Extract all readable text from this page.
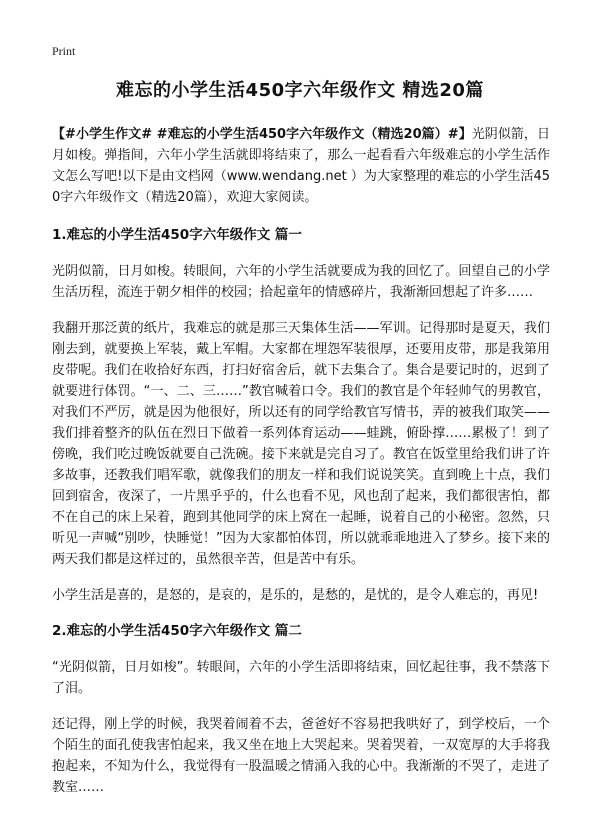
Print
难忘的小学生活450字六年级作文 精选20篇

【#小学生作文# #难忘的小学生活450字六年级作文（精选20篇）#】光阴似箭，日月如梭。弹指间，六年小学生活就即将结束了，那么一起看看六年级难忘的小学生活作文怎么写吧!以下是由文档网（www.wendang.net ）为大家整理的难忘的小学生活450字六年级作文（精选20篇），欢迎大家阅读。

1.难忘的小学生活450字六年级作文 篇一

光阴似箭，日月如梭。转眼间，六年的小学生活就要成为我的回忆了。回望自己的小学生活历程，流连于朝夕相伴的校园；拾起童年的情感碎片，我渐渐回想起了许多……

我翻开那泛黄的纸片，我难忘的就是那三天集体生活——军训。记得那时是夏天，我们刚去到，就要换上军装，戴上军帽。大家都在埋怨军装很厚，还要用皮带，那是我第用皮带呢。我们在收拾好东西，打扫好宿舍后，就下去集合了。集合是要记时的，迟到了就要进行体罚。“一、二、三……”教官喊着口令。我们的教官是个年轻帅气的男教官，对我们不严厉，就是因为他很好，所以还有的同学给教官写情书，弄的被我们取笑——我们排着整齐的队伍在烈日下做着一系列体育运动——蛙跳，俯卧撑……累极了！到了傍晚，我们吃过晚饭就要自己洗碗。接下来就是完自习了。教官在饭堂里给我们讲了许多故事，还教我们唱军歌，就像我们的朋友一样和我们说说笑笑。直到晚上十点，我们回到宿舍，夜深了，一片黑乎乎的，什么也看不见，风也刮了起来，我们都很害怕，都不在自己的床上呆着，跑到其他同学的床上窝在一起睡，说着自己的小秘密。忽然，只听见一声喊“别吵，快睡觉！”因为大家都怕体罚，所以就乖乖地进入了梦乡。接下来的两天我们都是这样过的，虽然很辛苦，但是苦中有乐。

小学生活是喜的，是怒的，是哀的，是乐的，是愁的，是忧的，是令人难忘的，再见!

2.难忘的小学生活450字六年级作文 篇二

“光阴似箭，日月如梭”。转眼间，六年的小学生活即将结束，回忆起往事，我不禁落下了泪。

还记得，刚上学的时候，我哭着闹着不去，爸爸好不容易把我哄好了，到学校后，一个个陌生的面孔使我害怕起来，我又坐在地上大哭起来。哭着哭着，一双宽厚的大手将我抱起来，不知为什么，我觉得有一股温暖之情涌入我的心中。我渐渐的不哭了，走进了教室……
